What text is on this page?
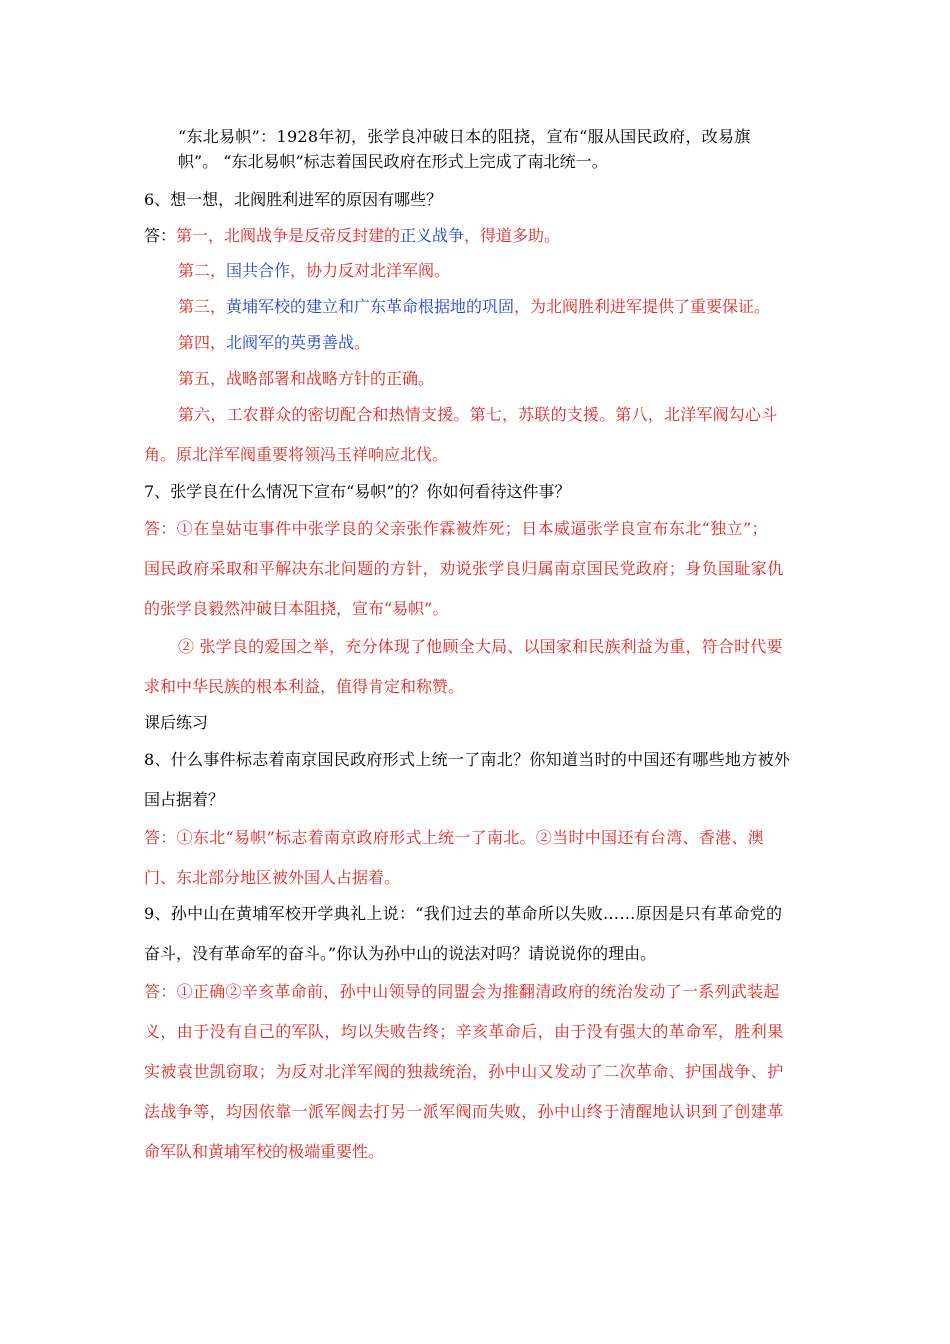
“东北易帜”：1928年初，张学良冲破日本的阻挠，宣布“服从国民政府，改易旗
帜”。 “东北易帜”标志着国民政府在形式上完成了南北统一。
6、想一想，北阀胜利进军的原因有哪些？
答：第一，北阀战争是反帝反封建的正义战争，得道多助。
第二，国共合作，协力反对北洋军阀。
第三，黄埔军校的建立和广东革命根据地的巩固，为北阀胜利进军提供了重要保证。
第四，北阀军的英勇善战。
第五，战略部署和战略方针的正确。
第六，工农群众的密切配合和热情支援。第七，苏联的支援。第八，北洋军阀勾心斗
角。原北洋军阀重要将领冯玉祥响应北伐。
7、张学良在什么情况下宣布“易帜”的？你如何看待这件事？
答：①在皇姑屯事件中张学良的父亲张作霖被炸死；日本威逼张学良宣布东北“独立”；
国民政府采取和平解决东北问题的方针，劝说张学良归属南京国民党政府；身负国耻家仇
的张学良毅然冲破日本阻挠，宣布“易帜”。
② 张学良的爱国之举，充分体现了他顾全大局、以国家和民族利益为重，符合时代要
求和中华民族的根本利益，值得肯定和称赞。
课后练习
8、什么事件标志着南京国民政府形式上统一了南北？你知道当时的中国还有哪些地方被外
国占据着？
答：①东北“易帜”标志着南京政府形式上统一了南北。②当时中国还有台湾、香港、澳
门、东北部分地区被外国人占据着。
9、孙中山在黄埔军校开学典礼上说：“我们过去的革命所以失败……原因是只有革命党的
奋斗，没有革命军的奋斗。”你认为孙中山的说法对吗？请说说你的理由。
答：①正确②辛亥革命前，孙中山领导的同盟会为推翻清政府的统治发动了一系列武装起
义，由于没有自己的军队，均以失败告终；辛亥革命后，由于没有强大的革命军，胜利果
实被袁世凯窃取；为反对北洋军阀的独裁统治，孙中山又发动了二次革命、护国战争、护
法战争等，均因依靠一派军阀去打另一派军阀而失败，孙中山终于清醒地认识到了创建革
命军队和黄埔军校的极端重要性。
